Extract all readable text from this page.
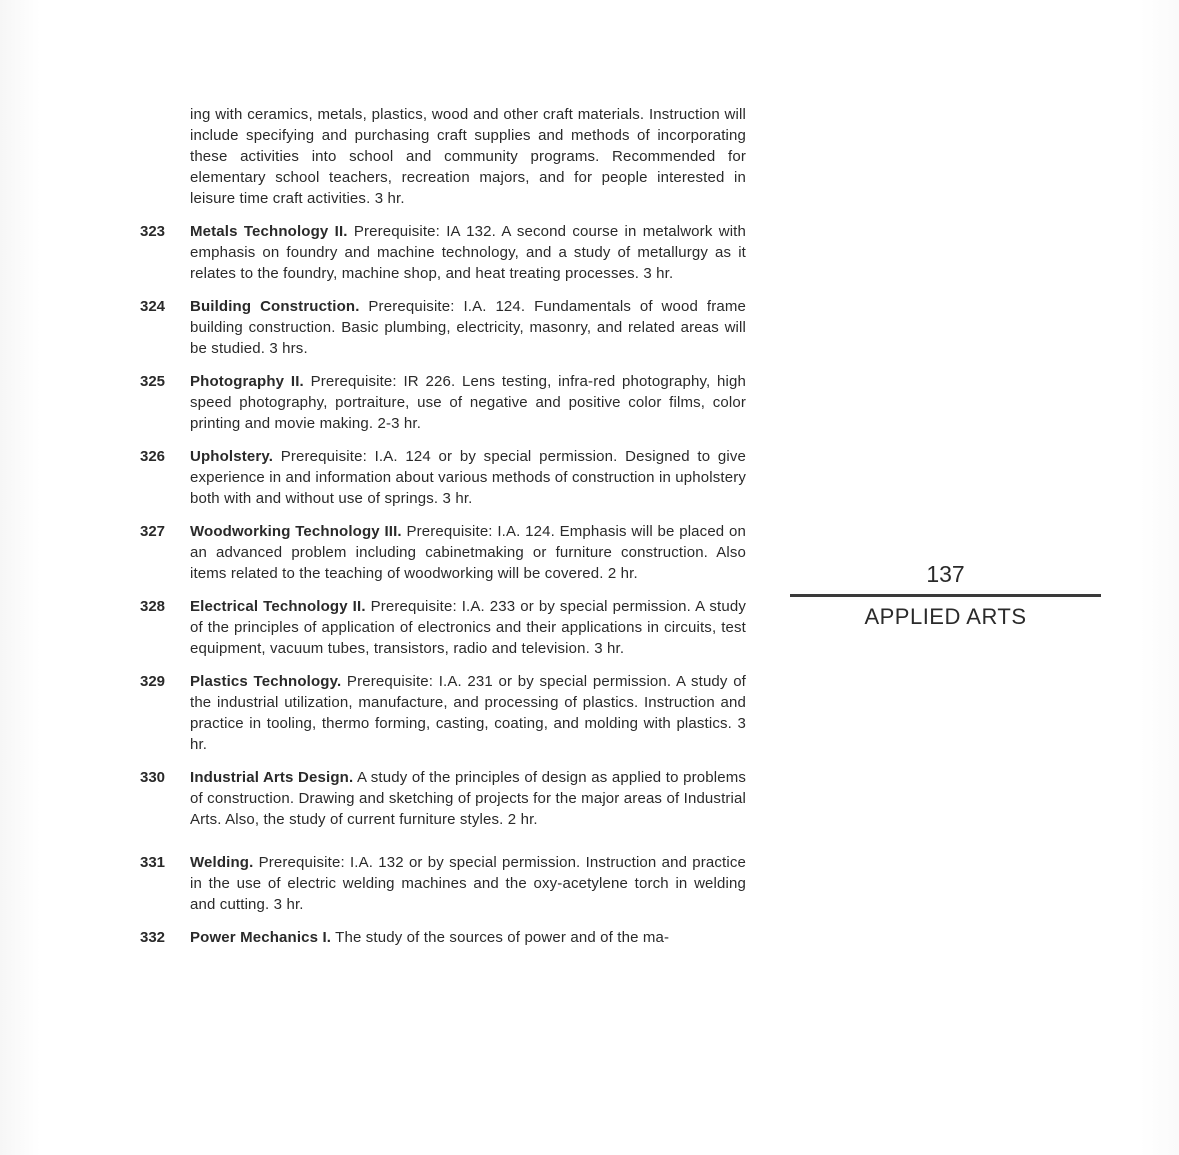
ing with ceramics, metals, plastics, wood and other craft materials. Instruction will include specifying and purchasing craft supplies and methods of incorporating these activities into school and community programs. Recommended for elementary school teachers, recreation majors, and for people interested in leisure time craft activities. 3 hr.
323	Metals Technology II. Prerequisite: IA 132. A second course in metalwork with emphasis on foundry and machine technology, and a study of metallurgy as it relates to the foundry, machine shop, and heat treating processes. 3 hr.
324	Building Construction. Prerequisite: I.A. 124. Fundamentals of wood frame building construction. Basic plumbing, electricity, masonry, and related areas will be studied. 3 hrs.
325	Photography II. Prerequisite: IR 226. Lens testing, infra-red photography, high speed photography, portraiture, use of negative and positive color films, color printing and movie making. 2-3 hr.
326	Upholstery. Prerequisite: I.A. 124 or by special permission. Designed to give experience in and information about various methods of construction in upholstery both with and without use of springs. 3 hr.
327	Woodworking Technology III. Prerequisite: I.A. 124. Emphasis will be placed on an advanced problem including cabinetmaking or furniture construction. Also items related to the teaching of woodworking will be covered. 2 hr.
328	Electrical Technology II. Prerequisite: I.A. 233 or by special permission. A study of the principles of application of electronics and their applications in circuits, test equipment, vacuum tubes, transistors, radio and television. 3 hr.
329	Plastics Technology. Prerequisite: I.A. 231 or by special permission. A study of the industrial utilization, manufacture, and processing of plastics. Instruction and practice in tooling, thermo forming, casting, coating, and molding with plastics. 3 hr.
330	Industrial Arts Design. A study of the principles of design as applied to problems of construction. Drawing and sketching of projects for the major areas of Industrial Arts. Also, the study of current furniture styles. 2 hr.
331	Welding. Prerequisite: I.A. 132 or by special permission. Instruction and practice in the use of electric welding machines and the oxy-acetylene torch in welding and cutting. 3 hr.
332	Power Mechanics I. The study of the sources of power and of the ma-
137
APPLIED ARTS
